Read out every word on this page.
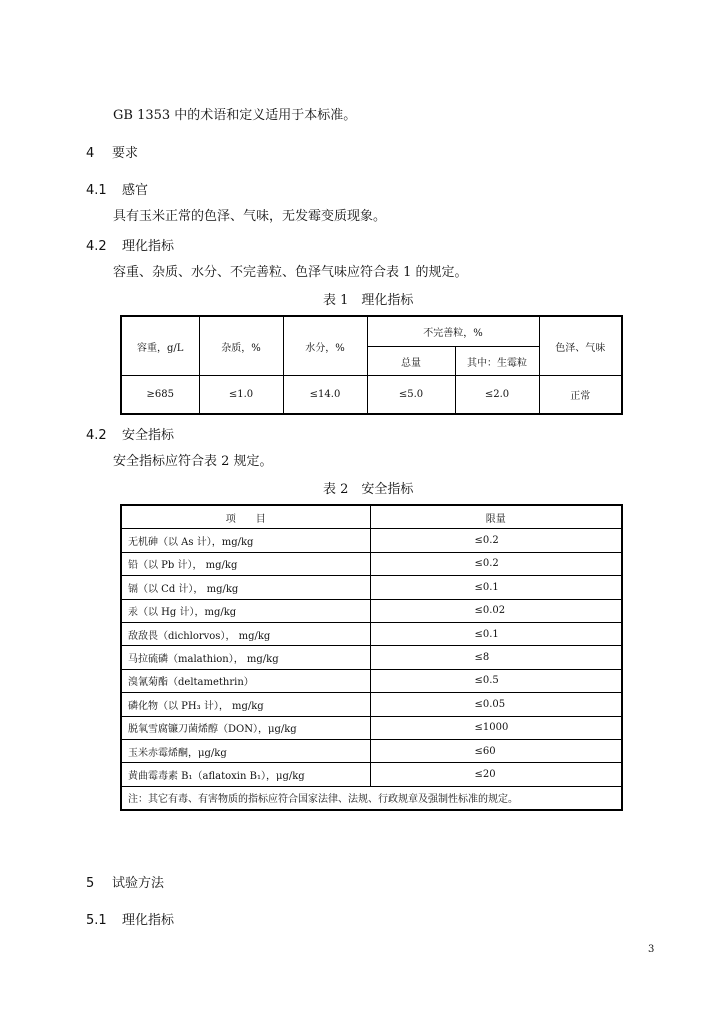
GB 1353 中的术语和定义适用于本标准。
4 要求
4.1 感官
具有玉米正常的色泽、气味，无发霉变质现象。
4.2 理化指标
容重、杂质、水分、不完善粒、色泽气味应符合表 1 的规定。
表 1　理化指标
容重，g/L	杂质，%	水分，%	不完善粒，%		色泽、气味
			总量	其中：生霉粒	
≥685	≤1.0	≤14.0	≤5.0	≤2.0	正常
4.2 安全指标
安全指标应符合表 2 规定。
表 2　安全指标
项　　目	限量
无机砷（以 As 计），mg/kg	≤0.2
铅（以 Pb 计）， mg/kg	≤0.2
镉（以 Cd 计）， mg/kg	≤0.1
汞（以 Hg 计），mg/kg	≤0.02
敌敌畏（dichlorvos）， mg/kg	≤0.1
马拉硫磷（malathion）， mg/kg	≤8
溴氰菊酯（deltamethrin）	≤0.5
磷化物（以 PH₃ 计）， mg/kg	≤0.05
脱氧雪腐镰刀菌烯醇（DON），μg/kg	≤1000
玉米赤霉烯酮，μg/kg	≤60
黄曲霉毒素 B₁（aflatoxin B₁），μg/kg	≤20
注：其它有毒、有害物质的指标应符合国家法律、法规、行政规章及强制性标准的规定。	
5 试验方法
5.1 理化指标
3
